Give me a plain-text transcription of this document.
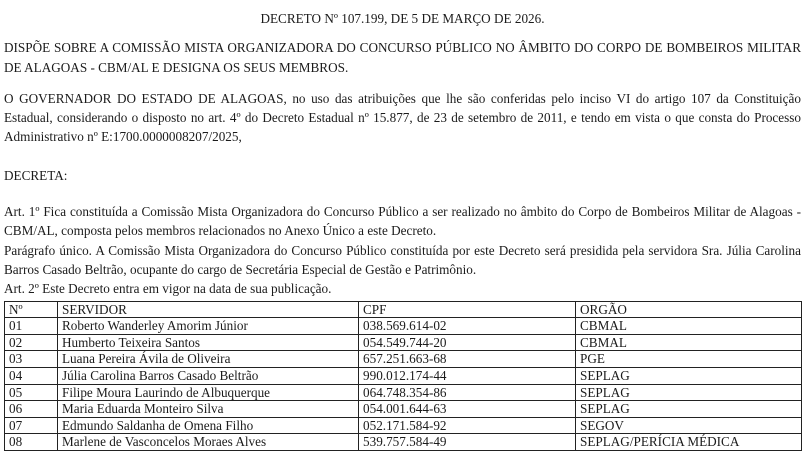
DECRETO Nº 107.199, DE 5 DE MARÇO DE 2026.

DISPÕE SOBRE A COMISSÃO MISTA ORGANIZADORA DO CONCURSO PÚBLICO NO ÂMBITO DO CORPO DE BOMBEIROS MILITAR DE ALAGOAS - CBM/AL E DESIGNA OS SEUS MEMBROS.

O GOVERNADOR DO ESTADO DE ALAGOAS, no uso das atribuições que lhe são conferidas pelo inciso VI do artigo 107 da Constituição Estadual, considerando o disposto no art. 4º do Decreto Estadual nº 15.877, de 23 de setembro de 2011, e tendo em vista o que consta do Processo Administrativo nº E:1700.0000008207/2025,

DECRETA:

Art. 1º Fica constituída a Comissão Mista Organizadora do Concurso Público a ser realizado no âmbito do Corpo de Bombeiros Militar de Alagoas - CBM/AL, composta pelos membros relacionados no Anexo Único a este Decreto.

Parágrafo único. A Comissão Mista Organizadora do Concurso Público constituída por este Decreto será presidida pela servidora Sra. Júlia Carolina Barros Casado Beltrão, ocupante do cargo de Secretária Especial de Gestão e Patrimônio.

Art. 2º Este Decreto entra em vigor na data de sua publicação.

Nº	SERVIDOR	CPF	ORGÃO
01	Roberto Wanderley Amorim Júnior	038.569.614-02	CBMAL
02	Humberto Teixeira Santos	054.549.744-20	CBMAL
03	Luana Pereira Ávila de Oliveira	657.251.663-68	PGE
04	Júlia Carolina Barros Casado Beltrão	990.012.174-44	SEPLAG
05	Filipe Moura Laurindo de Albuquerque	064.748.354-86	SEPLAG
06	Maria Eduarda Monteiro Silva	054.001.644-63	SEPLAG
07	Edmundo Saldanha de Omena Filho	052.171.584-92	SEGOV
08	Marlene de Vasconcelos Moraes Alves	539.757.584-49	SEPLAG/PERÍCIA MÉDICA
